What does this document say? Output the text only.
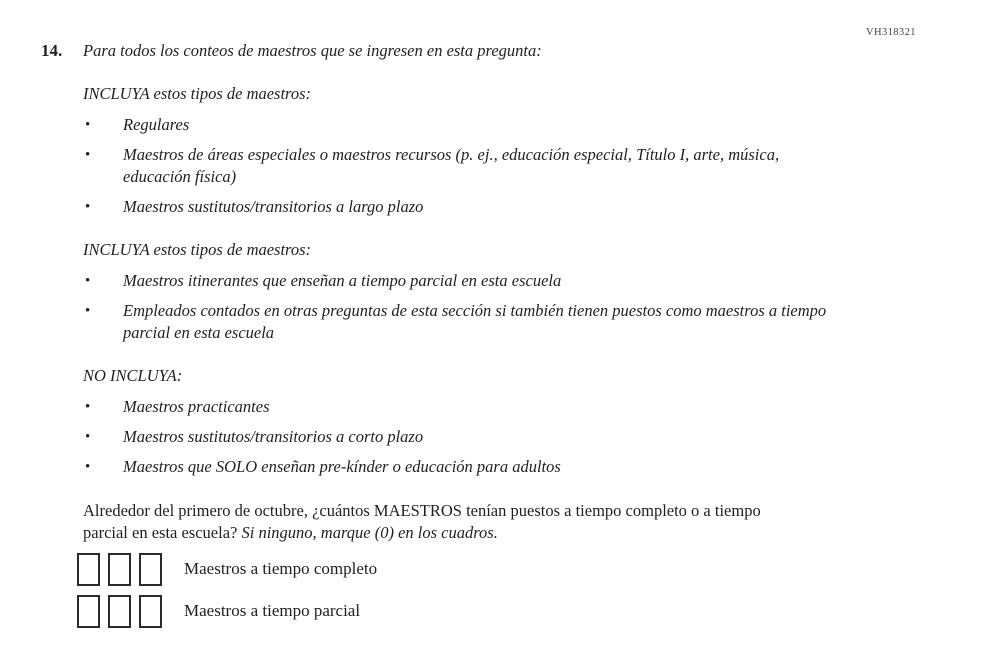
VH318321
14.	Para todos los conteos de maestros que se ingresen en esta pregunta:

INCLUYA estos tipos de maestros:

• Regulares
• Maestros de áreas especiales o maestros recursos (p. ej., educación especial, Título I, arte, música, educación física)
• Maestros sustitutos/transitorios a largo plazo

INCLUYA estos tipos de maestros:

• Maestros itinerantes que enseñan a tiempo parcial en esta escuela
• Empleados contados en otras preguntas de esta sección si también tienen puestos como maestros a tiempo parcial en esta escuela

NO INCLUYA:

• Maestros practicantes
• Maestros sustitutos/transitorios a corto plazo
• Maestros que SOLO enseñan pre-kínder o educación para adultos

Alrededor del primero de octubre, ¿cuántos MAESTROS tenían puestos a tiempo completo o a tiempo parcial en esta escuela? Si ninguno, marque (0) en los cuadros.

Maestros a tiempo completo
Maestros a tiempo parcial
